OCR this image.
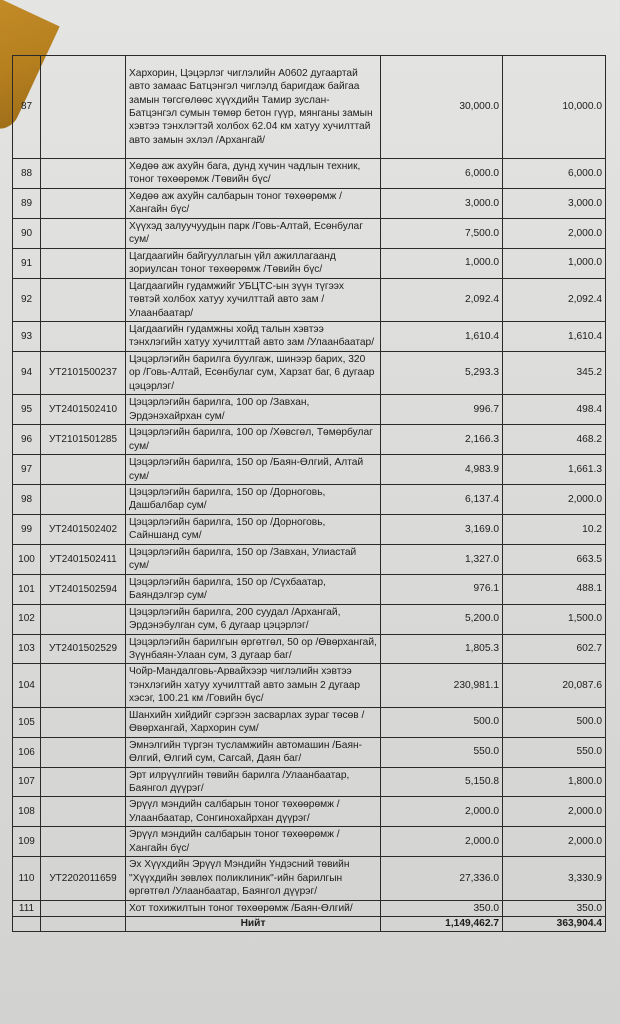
87		Хархорин, Цэцэрлэг чиглэлийн А0602 дугаартай авто замаас Батцэнгэл чиглэлд баригдаж байгаа замын төгсгөлөөс хүүхдийн Тамир зуслан-Батцэнгэл сумын төмөр бетон гүүр, мянганы замын хэвтээ тэнхлэгтэй холбох 62.04 км хатуу хучилттай авто замын эхлэл /Архангай/	30,000.0	10,000.0
88		Хөдөө аж ахуйн бага, дунд хүчин чадлын техник, тоног төхөөрөмж /Төвийн бүс/	6,000.0	6,000.0
89		Хөдөө аж ахуйн салбарын тоног төхөөрөмж /Хангайн бүс/	3,000.0	3,000.0
90		Хүүхэд залуучуудын парк /Говь-Алтай, Есөнбулаг сум/	7,500.0	2,000.0
91		Цагдаагийн байгууллагын үйл ажиллагаанд зориулсан тоног төхөөрөмж /Төвийн бүс/	1,000.0	1,000.0
92		Цагдаагийн гудамжийг УБЦТС-ын зүүн түгээх төвтэй холбох хатуу хучилттай авто зам /Улаанбаатар/	2,092.4	2,092.4
93		Цагдаагийн гудамжны хойд талын хэвтээ тэнхлэгийн хатуу хучилттай авто зам /Улаанбаатар/	1,610.4	1,610.4
94	УТ2101500237	Цэцэрлэгийн барилга буулгаж, шинээр барих, 320 ор /Говь-Алтай, Есөнбулаг сум, Харзат баг, 6 дугаар цэцэрлэг/	5,293.3	345.2
95	УТ2401502410	Цэцэрлэгийн барилга, 100 ор /Завхан, Эрдэнэхайрхан сум/	996.7	498.4
96	УТ2101501285	Цэцэрлэгийн барилга, 100 ор /Хөвсгөл, Төмөрбулаг сум/	2,166.3	468.2
97		Цэцэрлэгийн барилга, 150 ор /Баян-Өлгий, Алтай сум/	4,983.9	1,661.3
98		Цэцэрлэгийн барилга, 150 ор /Дорноговь, Дашбалбар сум/	6,137.4	2,000.0
99	УТ2401502402	Цэцэрлэгийн барилга, 150 ор /Дорноговь, Сайншанд сум/	3,169.0	10.2
100	УТ2401502411	Цэцэрлэгийн барилга, 150 ор /Завхан, Улиастай сум/	1,327.0	663.5
101	УТ2401502594	Цэцэрлэгийн барилга, 150 ор /Сүхбаатар, Баяндэлгэр сум/	976.1	488.1
102		Цэцэрлэгийн барилга, 200 суудал /Архангай, Эрдэнэбулган сум, 6 дугаар цэцэрлэг/	5,200.0	1,500.0
103	УТ2401502529	Цэцэрлэгийн барилгын өргөтгөл, 50 ор /Өвөрхангай, Зүүнбаян-Улаан сум, 3 дугаар баг/	1,805.3	602.7
104		Чойр-Мандалговь-Арвайхээр чиглэлийн хэвтээ тэнхлэгийн хатуу хучилттай авто замын 2 дугаар хэсэг, 100.21 км /Говийн бүс/	230,981.1	20,087.6
105		Шанхийн хийдийг сэргээн засварлах зураг төсөв /Өвөрхангай, Хархорин сум/	500.0	500.0
106		Эмнэлгийн түргэн тусламжийн автомашин /Баян-Өлгий, Өлгий сум, Сагсай, Даян баг/	550.0	550.0
107		Эрт илрүүлгийн төвийн барилга /Улаанбаатар, Баянгол дүүрэг/	5,150.8	1,800.0
108		Эрүүл мэндийн салбарын тоног төхөөрөмж /Улаанбаатар, Сонгинохайрхан дүүрэг/	2,000.0	2,000.0
109		Эрүүл мэндийн салбарын тоног төхөөрөмж /Хангайн бүс/	2,000.0	2,000.0
110	УТ2202011659	Эх Хүүхдийн Эрүүл Мэндийн Үндэсний төвийн "Хүүхдийн зөвлөх поликлиник"-ийн барилгын өргөтгөл /Улаанбаатар, Баянгол дүүрэг/	27,336.0	3,330.9
111		Хот тохижилтын тоног төхөөрөмж /Баян-Өлгий/	350.0	350.0
		Нийт	1,149,462.7	363,904.4
